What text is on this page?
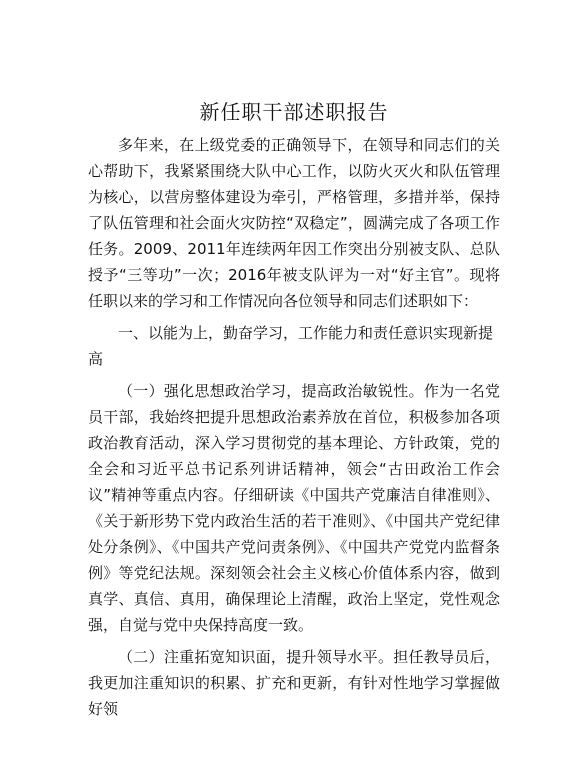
新任职干部述职报告

多年来，在上级党委的正确领导下，在领导和同志们的关心帮助下，我紧紧围绕大队中心工作，以防火灭火和队伍管理为核心，以营房整体建设为牵引，严格管理，多措并举，保持了队伍管理和社会面火灾防控“双稳定”，圆满完成了各项工作任务。2009、2011年连续两年因工作突出分别被支队、总队授予“三等功”一次；2016年被支队评为一对“好主官”。现将任职以来的学习和工作情况向各位领导和同志们述职如下：

一、以能为上，勤奋学习，工作能力和责任意识实现新提高

（一）强化思想政治学习，提高政治敏锐性。作为一名党员干部，我始终把提升思想政治素养放在首位，积极参加各项政治教育活动，深入学习贯彻党的基本理论、方针政策，党的全会和习近平总书记系列讲话精神，领会“古田政治工作会议”精神等重点内容。仔细研读《中国共产党廉洁自律准则》、《关于新形势下党内政治生活的若干准则》、《中国共产党纪律处分条例》、《中国共产党问责条例》、《中国共产党党内监督条例》等党纪法规。深刻领会社会主义核心价值体系内容，做到真学、真信、真用，确保理论上清醒，政治上坚定，党性观念强，自觉与党中央保持高度一致。

（二）注重拓宽知识面，提升领导水平。担任教导员后，我更加注重知识的积累、扩充和更新，有针对性地学习掌握做好领
